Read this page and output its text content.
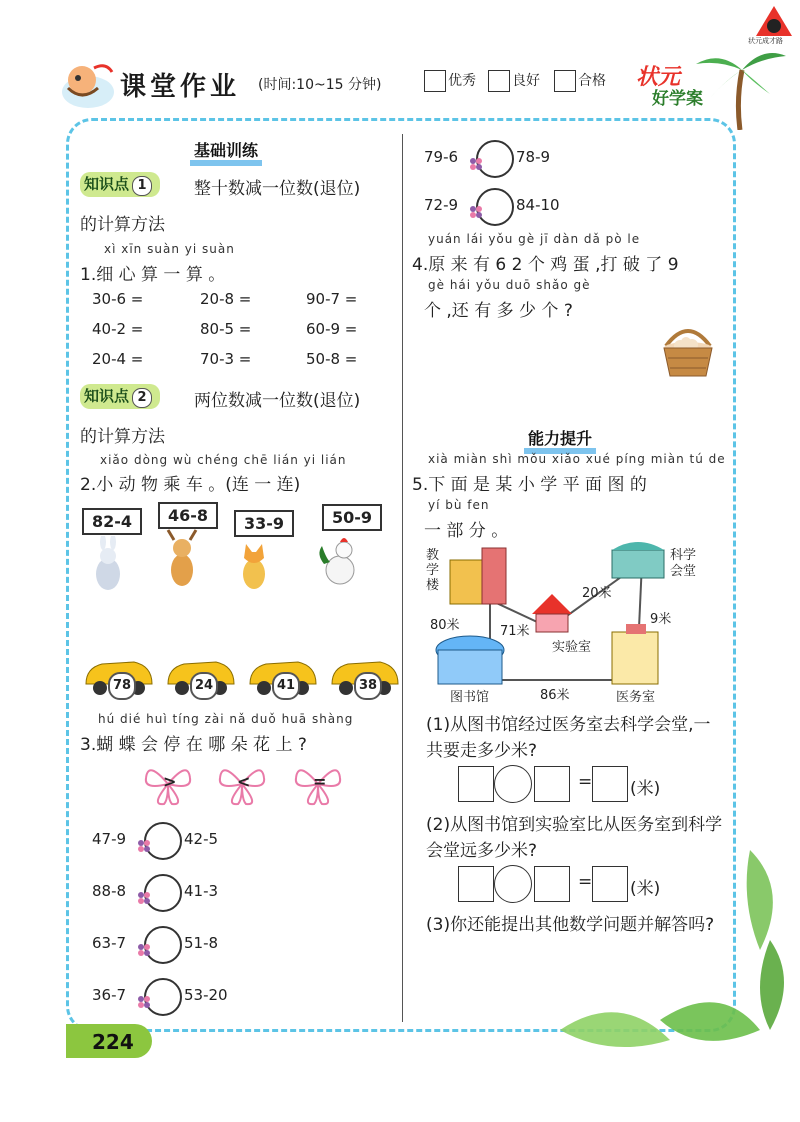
课堂作业 (时间:10~15 分钟)	优秀	良好	合格 状元
好学案
状元成才路
基础训练
知识点 1	整十数减一位数(退位)
的计算方法
xì xīn suàn yi suàn
1.细 心 算 一 算 。
30-6 =	20-8 =	90-7 =
40-2 =	80-5 =	60-9 =
20-4 =	70-3 =	50-8 =
知识点 2	两位数减一位数(退位)
的计算方法
xiǎo dòng wù chéng chē lián yi lián
2.小 动 物 乘 车 。(连 一 连)
82-4	46-8	33-9	50-9
78	24	41	38
hú dié huì tíng zài nǎ duǒ huā shàng
3.蝴 蝶 会 停 在 哪 朵 花 上 ?
>	<	=
47-9	42-5
88-8	41-3
63-7	51-8
36-7	53-20
79-6	78-9
72-9	84-10
yuán lái yǒu gè jī dàn dǎ pò le
4.原 来 有 6 2 个 鸡 蛋 ,打 破 了 9
gè hái yǒu duō shǎo gè
个 ,还 有 多 少 个 ?
能力提升
xià miàn shì mǒu xiǎo xué píng miàn tú de
5.下 面 是 某 小 学 平 面 图 的
yí bù fen
一 部 分 。
教学楼
科学会堂
实验室
图书馆	医务室
80米	71米
20米
9米
86米
(1)从图书馆经过医务室去科学会堂,一共要走多少米?
= (米)
(2)从图书馆到实验室比从医务室到科学会堂远多少米?
= (米)
(3)你还能提出其他数学问题并解答吗?
224
